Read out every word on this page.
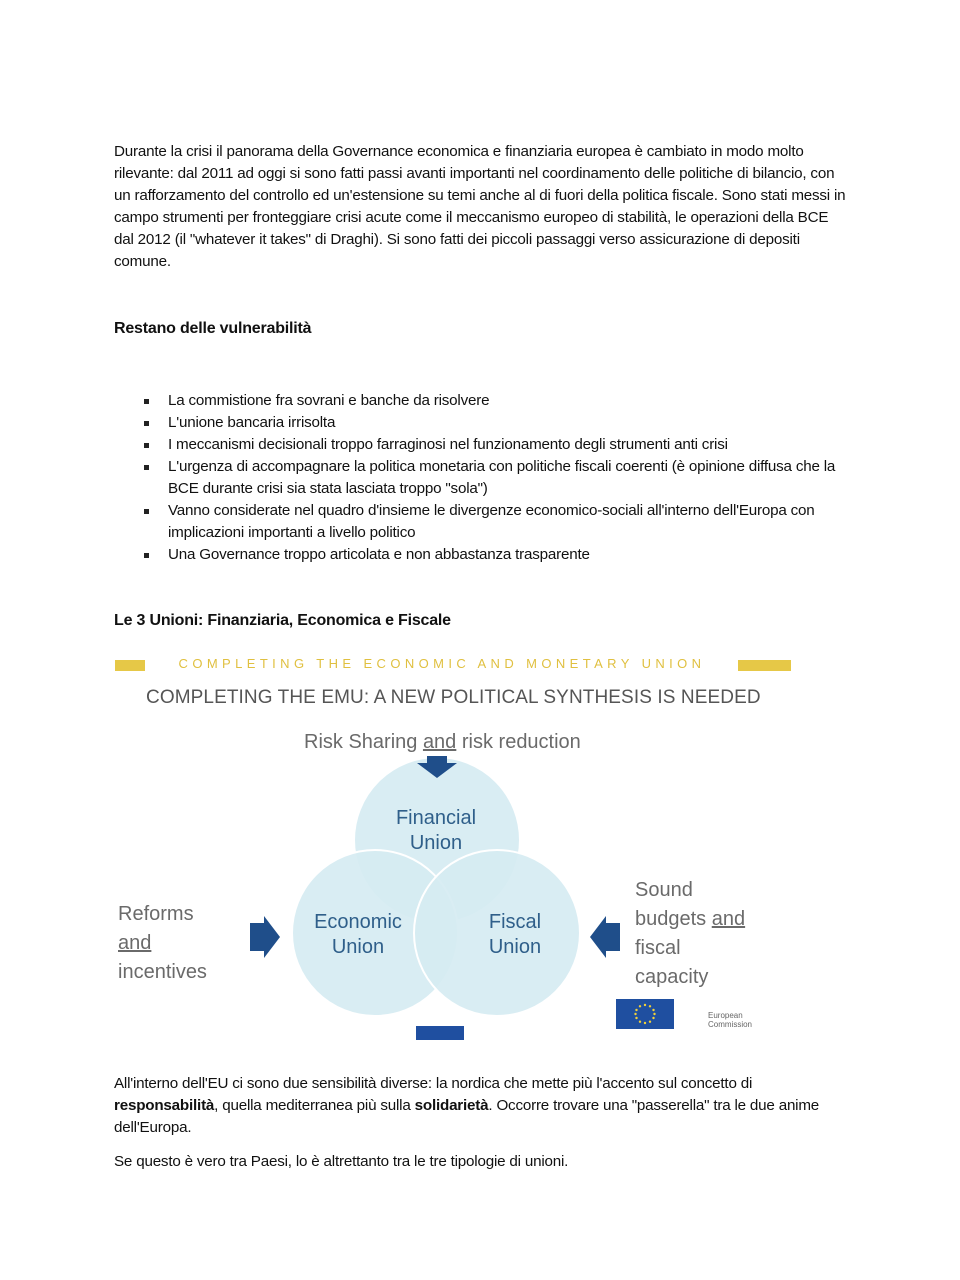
Durante la crisi il panorama della Governance economica e finanziaria europea è cambiato in modo molto rilevante: dal 2011 ad oggi si sono fatti passi avanti importanti nel coordinamento delle politiche di bilancio, con un rafforzamento del controllo ed un'estensione su temi anche al di fuori della politica fiscale. Sono stati messi in campo strumenti per fronteggiare crisi acute come il meccanismo europeo di stabilità, le operazioni della BCE dal 2012 (il "whatever it takes" di Draghi). Si sono fatti dei piccoli passaggi verso assicurazione di depositi comune.

Restano delle vulnerabilità
La commistione fra sovrani e banche da risolvere
L'unione bancaria irrisolta
I meccanismi decisionali troppo farraginosi nel funzionamento degli strumenti anti crisi
L'urgenza di accompagnare la politica monetaria con politiche fiscali coerenti (è opinione diffusa che la BCE durante crisi sia stata lasciata troppo "sola")
Vanno considerate nel quadro d'insieme le divergenze economico-sociali all'interno dell'Europa con implicazioni importanti a livello politico
Una Governance troppo articolata e non abbastanza trasparente
Le 3 Unioni: Finanziaria, Economica e Fiscale
COMPLETING THE ECONOMIC AND MONETARY UNION
COMPLETING THE EMU: A NEW POLITICAL SYNTHESIS IS NEEDED
Risk Sharing and risk reduction
Reforms
and
incentives
Sound
budgets and
fiscal
capacity
Financial
Union
Economic
Union
Fiscal
Union
European
Commission

All'interno dell'EU ci sono due sensibilità diverse: la nordica che mette più l'accento sul concetto di responsabilità, quella mediterranea più sulla solidarietà. Occorre trovare una "passerella" tra le due anime dell'Europa.

Se questo è vero tra Paesi, lo è altrettanto tra le tre tipologie di unioni.
